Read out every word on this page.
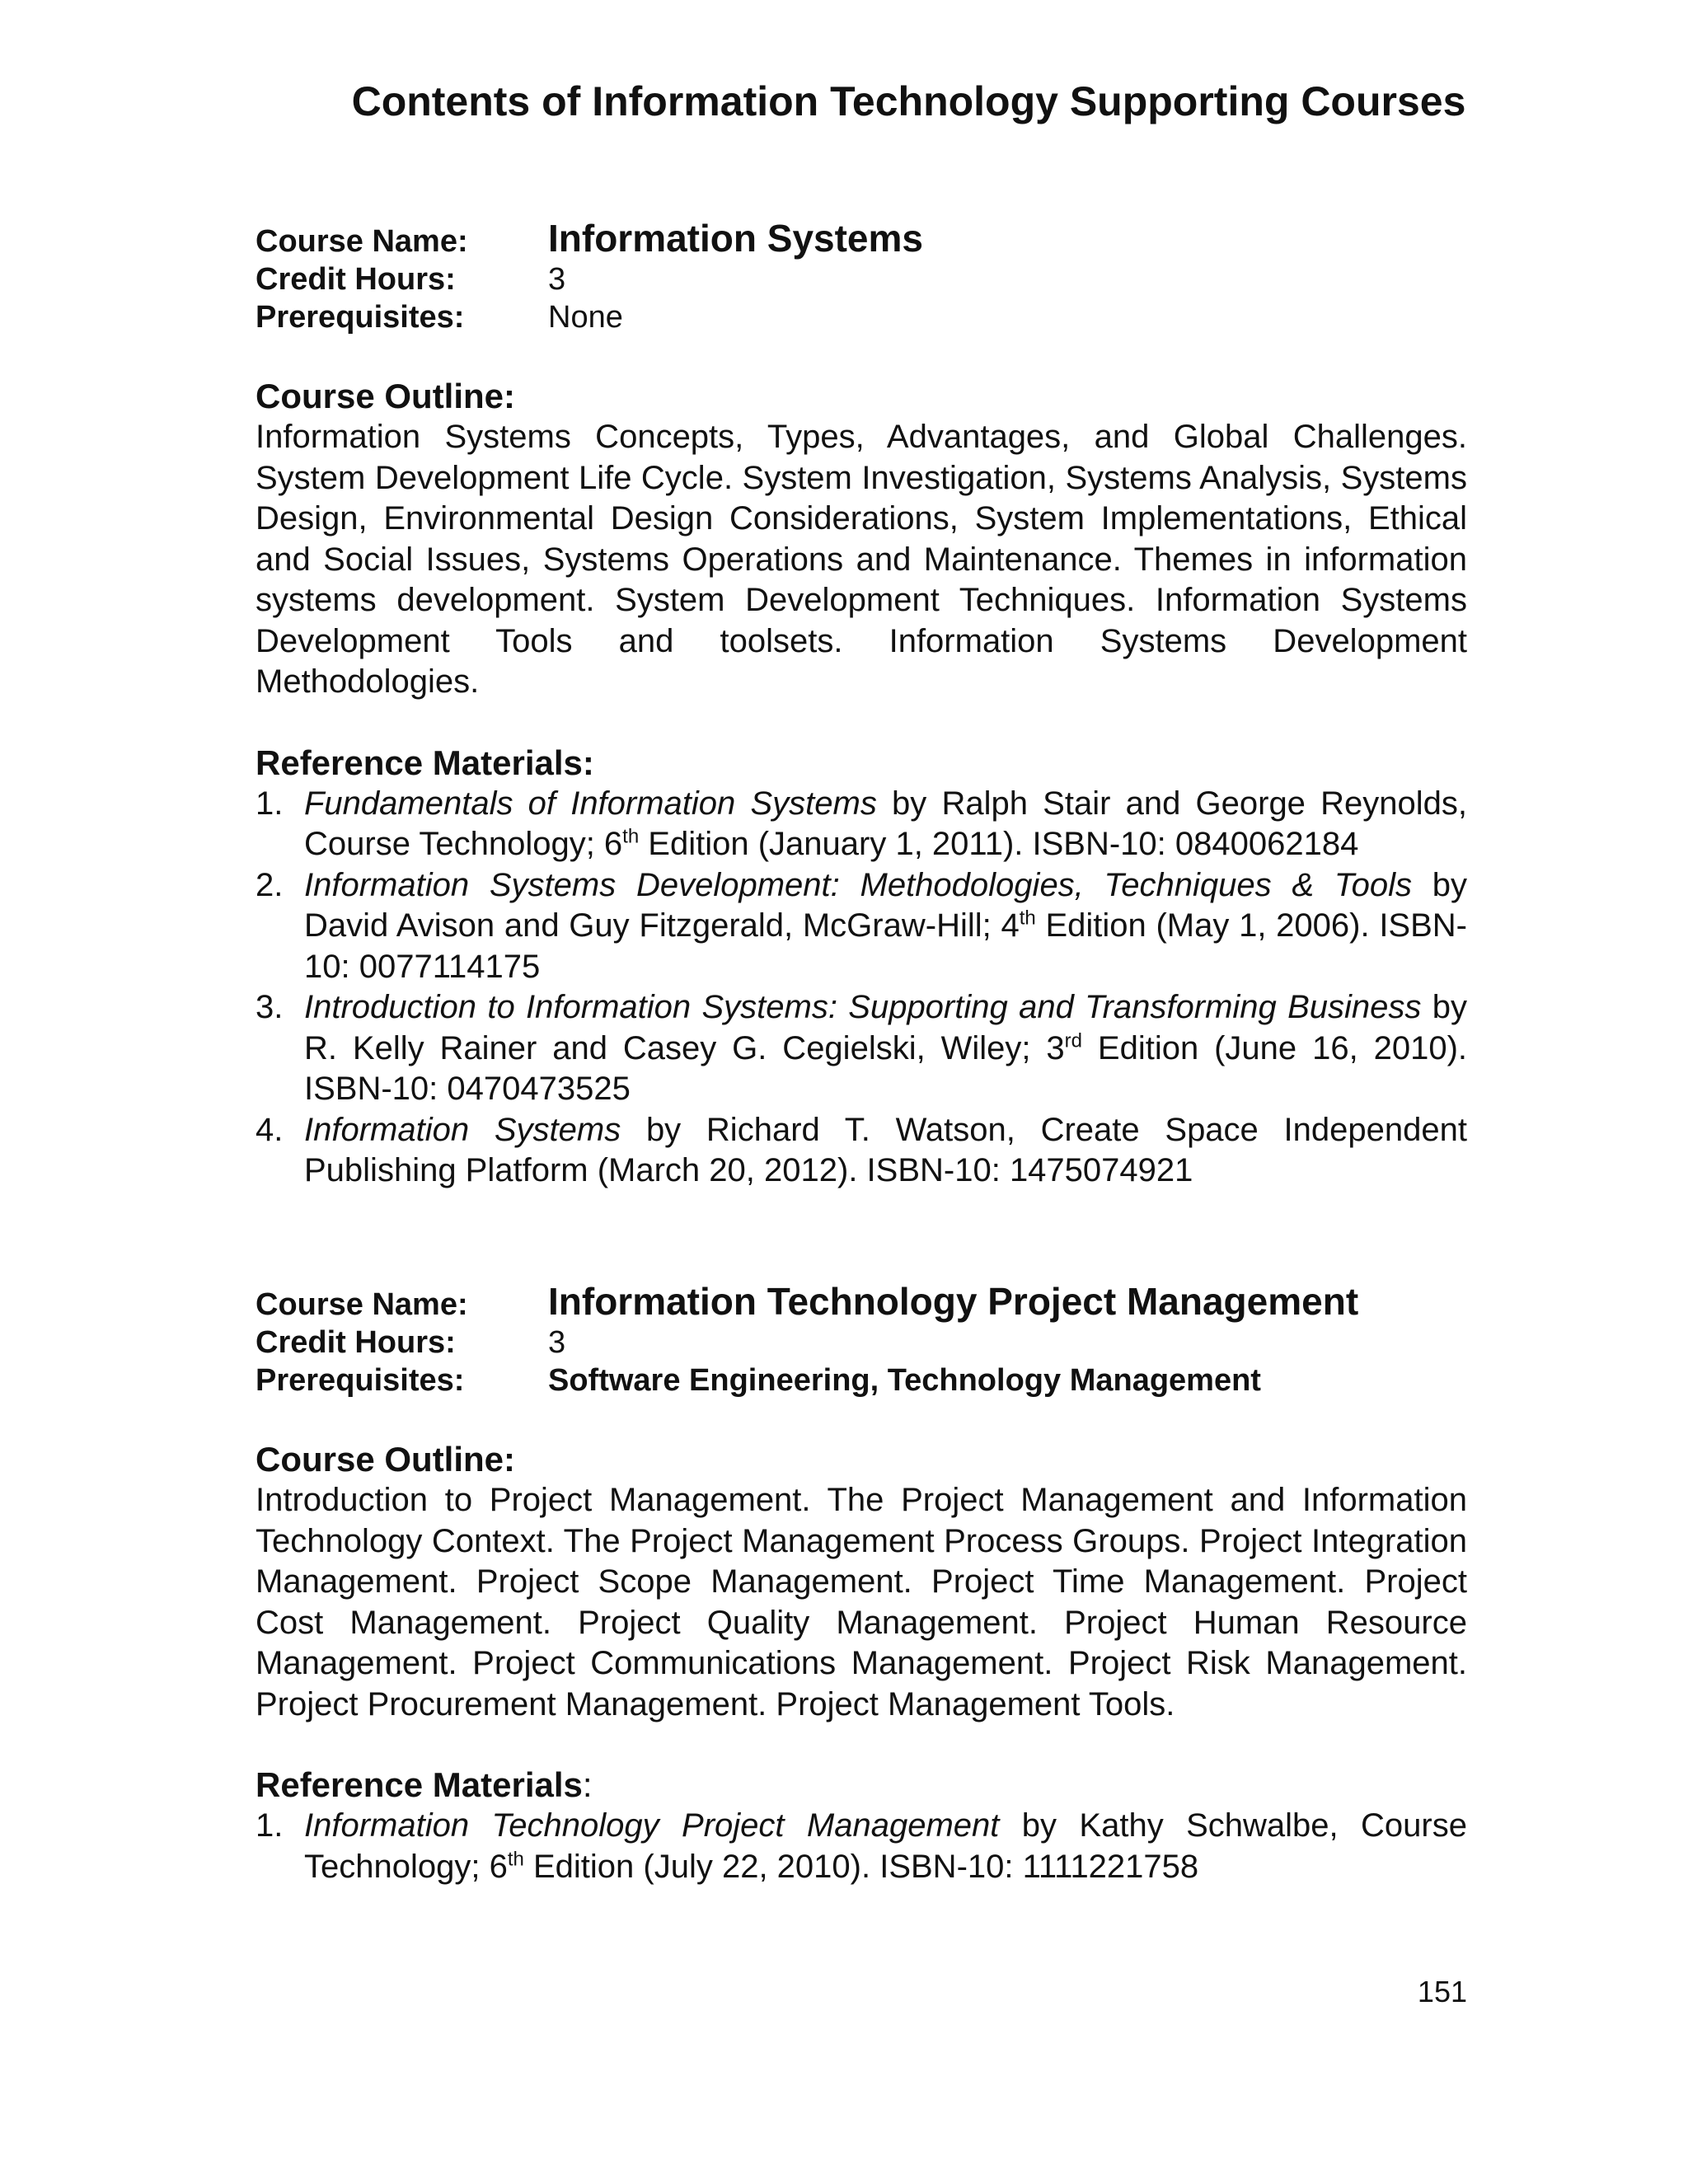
Contents of Information Technology Supporting Courses
Course Name:	Information Systems
Credit Hours:	3
Prerequisites:	None
Course Outline:

Information Systems Concepts, Types, Advantages, and Global Challenges. System Development Life Cycle. System Investigation, Systems Analysis, Systems Design, Environmental Design Considerations, System Implementations, Ethical and Social Issues, Systems Operations and Maintenance. Themes in information systems development. System Development Techniques. Information Systems Development Tools and toolsets. Information Systems Development Methodologies.

Reference Materials:
1. Fundamentals of Information Systems by Ralph Stair and George Reynolds, Course Technology; 6th Edition (January 1, 2011). ISBN-10: 0840062184
2. Information Systems Development: Methodologies, Techniques & Tools by David Avison and Guy Fitzgerald, McGraw-Hill; 4th Edition (May 1, 2006). ISBN-10: 0077114175
3. Introduction to Information Systems: Supporting and Transforming Business by R. Kelly Rainer and Casey G. Cegielski, Wiley; 3rd Edition (June 16, 2010). ISBN-10: 0470473525
4. Information Systems by Richard T. Watson, Create Space Independent Publishing Platform (March 20, 2012). ISBN-10: 1475074921
Course Name:	Information Technology Project Management
Credit Hours:	3
Prerequisites:	Software Engineering, Technology Management
Course Outline:

Introduction to Project Management. The Project Management and Information Technology Context. The Project Management Process Groups. Project Integration Management. Project Scope Management. Project Time Management. Project Cost Management. Project Quality Management. Project Human Resource Management. Project Communications Management. Project Risk Management. Project Procurement Management. Project Management Tools.

Reference Materials:
1. Information Technology Project Management by Kathy Schwalbe, Course Technology; 6th Edition (July 22, 2010). ISBN-10: 1111221758
151
